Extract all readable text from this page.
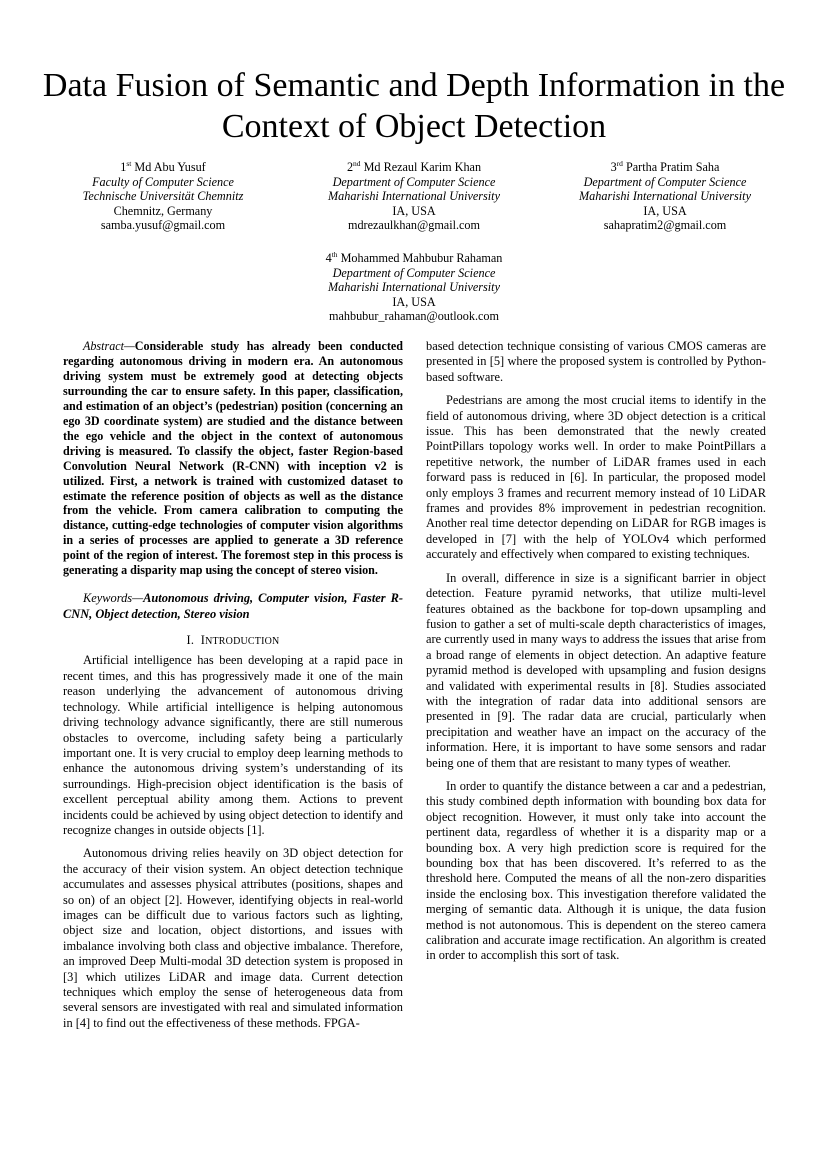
Data Fusion of Semantic and Depth Information in the Context of Object Detection
1st Md Abu Yusuf
Faculty of Computer Science
Technische Universität Chemnitz
Chemnitz, Germany
samba.yusuf@gmail.com
2nd Md Rezaul Karim Khan
Department of Computer Science
Maharishi International University
IA, USA
mdrezaulkhan@gmail.com
3rd Partha Pratim Saha
Department of Computer Science
Maharishi International University
IA, USA
sahapratim2@gmail.com
4th Mohammed Mahbubur Rahaman
Department of Computer Science
Maharishi International University
IA, USA
mahbubur_rahaman@outlook.com

Abstract—Considerable study has already been conducted regarding autonomous driving in modern era. An autonomous driving system must be extremely good at detecting objects surrounding the car to ensure safety. In this paper, classification, and estimation of an object’s (pedestrian) position (concerning an ego 3D coordinate system) are studied and the distance between the ego vehicle and the object in the context of autonomous driving is measured. To classify the object, faster Region-based Convolution Neural Network (R-CNN) with inception v2 is utilized. First, a network is trained with customized dataset to estimate the reference position of objects as well as the distance from the vehicle. From camera calibration to computing the distance, cutting-edge technologies of computer vision algorithms in a series of processes are applied to generate a 3D reference point of the region of interest. The foremost step in this process is generating a disparity map using the concept of stereo vision.

Keywords—Autonomous driving, Computer vision, Faster R-CNN, Object detection, Stereo vision

I. INTRODUCTION

Artificial intelligence has been developing at a rapid pace in recent times, and this has progressively made it one of the main reason underlying the advancement of autonomous driving technology. While artificial intelligence is helping autonomous driving technology advance significantly, there are still numerous obstacles to overcome, including safety being a particularly important one. It is very crucial to employ deep learning methods to enhance the autonomous driving system’s understanding of its surroundings. High-precision object identification is the basis of excellent perceptual ability among them. Actions to prevent incidents could be achieved by using object detection to identify and recognize changes in outside objects [1].

Autonomous driving relies heavily on 3D object detection for the accuracy of their vision system. An object detection technique accumulates and assesses physical attributes (positions, shapes and so on) of an object [2]. However, identifying objects in real-world images can be difficult due to various factors such as lighting, object size and location, object distortions, and issues with imbalance involving both class and objective imbalance. Therefore, an improved Deep Multi-modal 3D detection system is proposed in [3] which utilizes LiDAR and image data. Current detection techniques which employ the sense of heterogeneous data from several sensors are investigated with real and simulated information in [4] to find out the effectiveness of these methods. FPGA-

based detection technique consisting of various CMOS cameras are presented in [5] where the proposed system is controlled by Python-based software.

Pedestrians are among the most crucial items to identify in the field of autonomous driving, where 3D object detection is a critical issue. This has been demonstrated that the newly created PointPillars topology works well. In order to make PointPillars a repetitive network, the number of LiDAR frames used in each forward pass is reduced in [6]. In particular, the proposed model only employs 3 frames and recurrent memory instead of 10 LiDAR frames and provides 8% improvement in pedestrian recognition. Another real time detector depending on LiDAR for RGB images is developed in [7] with the help of YOLOv4 which performed accurately and effectively when compared to existing techniques.

In overall, difference in size is a significant barrier in object detection. Feature pyramid networks, that utilize multi-level features obtained as the backbone for top-down upsampling and fusion to gather a set of multi-scale depth characteristics of images, are currently used in many ways to address the issues that arise from a broad range of elements in object detection. An adaptive feature pyramid method is developed with upsampling and fusion designs and validated with experimental results in [8]. Studies associated with the integration of radar data into additional sensors are presented in [9]. The radar data are crucial, particularly when precipitation and weather have an impact on the accuracy of the information. Here, it is important to have some sensors and radar being one of them that are resistant to many types of weather.

In order to quantify the distance between a car and a pedestrian, this study combined depth information with bounding box data for object recognition. However, it must only take into account the pertinent data, regardless of whether it is a disparity map or a bounding box. A very high prediction score is required for the bounding box that has been discovered. It’s referred to as the threshold here. Computed the means of all the non-zero disparities inside the enclosing box. This investigation therefore validated the merging of semantic data. Although it is unique, the data fusion method is not autonomous. This is dependent on the stereo camera calibration and accurate image rectification. An algorithm is created in order to accomplish this sort of task.
